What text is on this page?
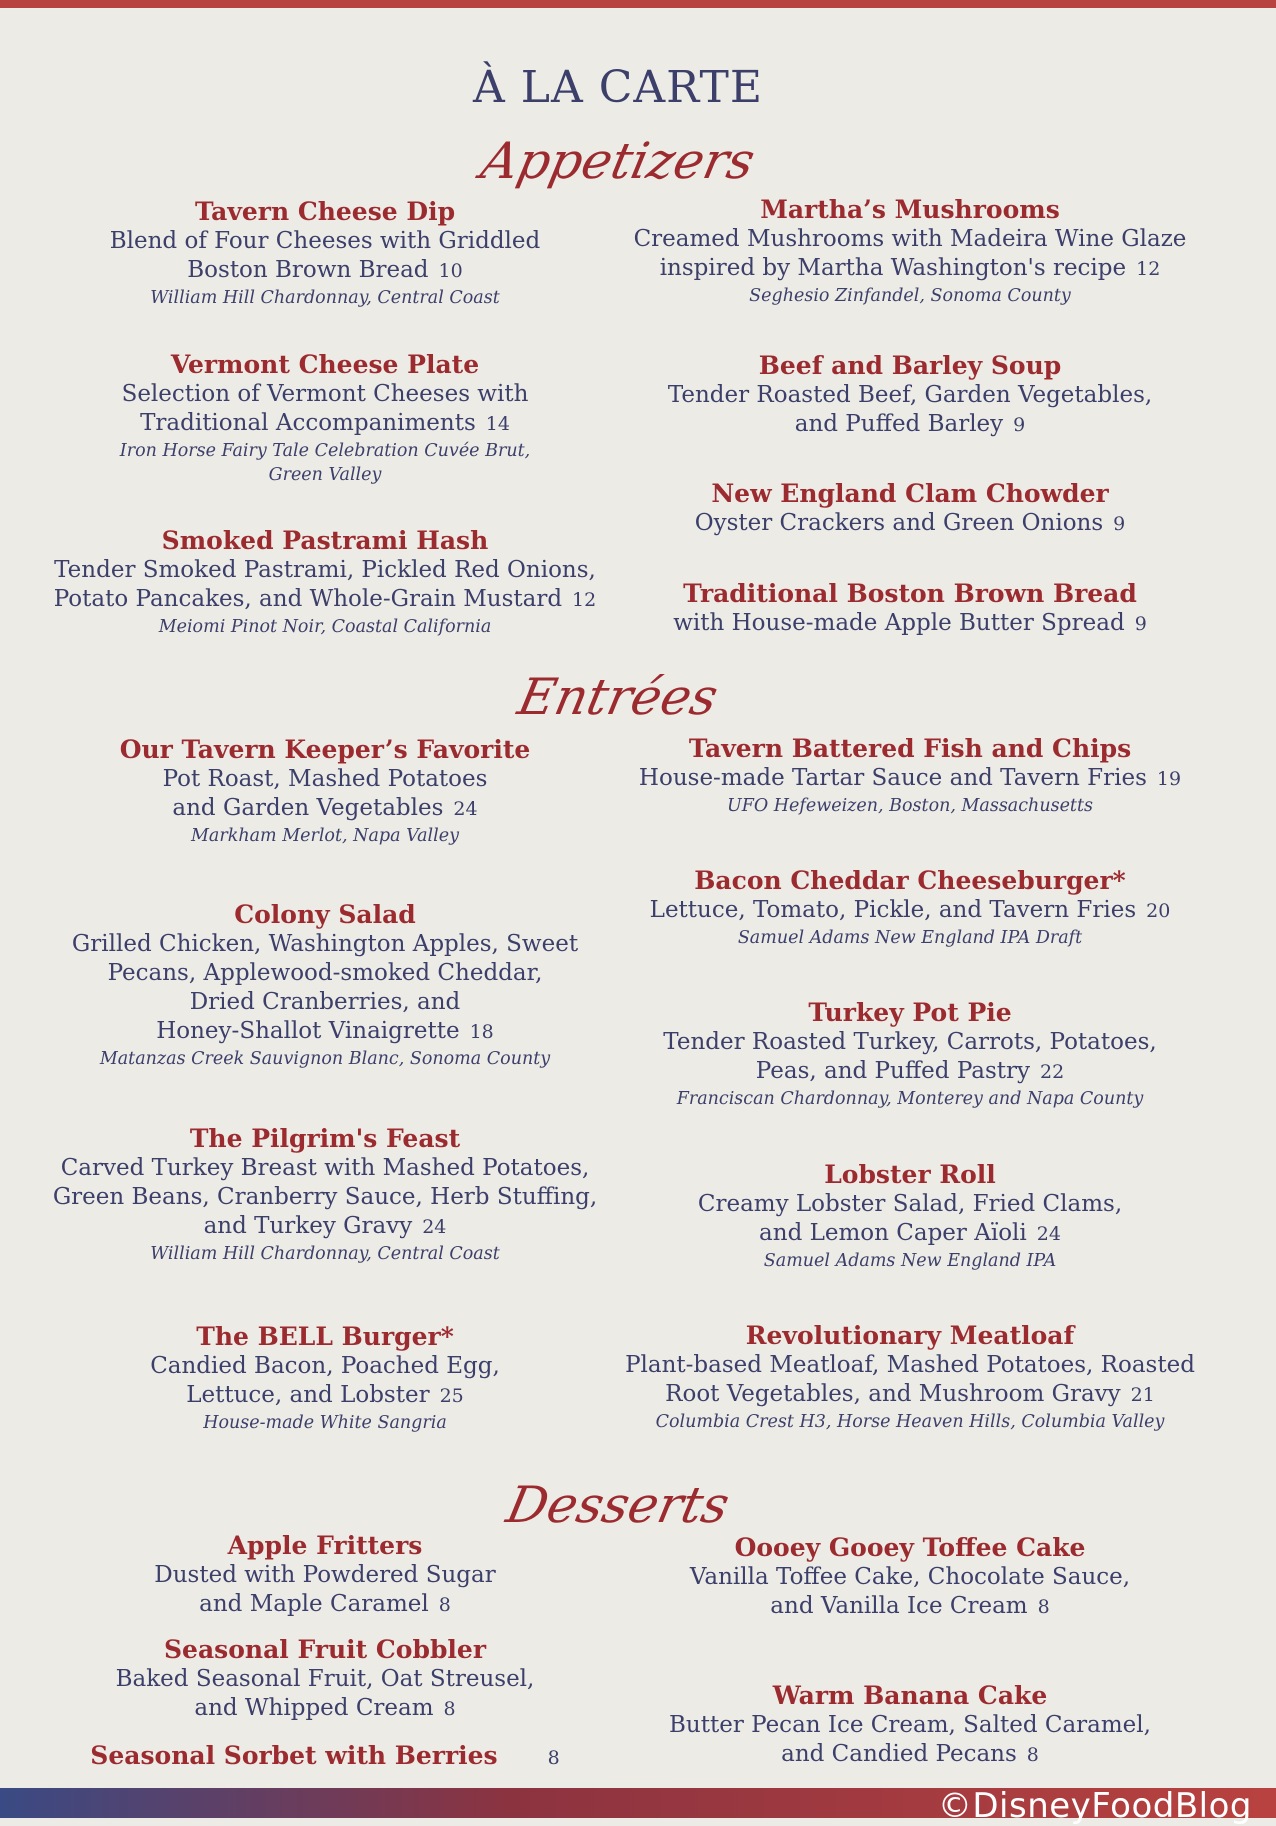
À LA CARTE
Appetizers
Tavern Cheese Dip
Blend of Four Cheeses with Griddled
Boston Brown Bread 10
William Hill Chardonnay, Central Coast
Vermont Cheese Plate
Selection of Vermont Cheeses with
Traditional Accompaniments 14
Iron Horse Fairy Tale Celebration Cuvée Brut,
Green Valley
Smoked Pastrami Hash
Tender Smoked Pastrami, Pickled Red Onions,
Potato Pancakes, and Whole-Grain Mustard 12
Meiomi Pinot Noir, Coastal California
Martha’s Mushrooms
Creamed Mushrooms with Madeira Wine Glaze
inspired by Martha Washington's recipe 12
Seghesio Zinfandel, Sonoma County
Beef and Barley Soup
Tender Roasted Beef, Garden Vegetables,
and Puffed Barley 9
New England Clam Chowder
Oyster Crackers and Green Onions 9
Traditional Boston Brown Bread
with House-made Apple Butter Spread 9
Entrées
Our Tavern Keeper’s Favorite
Pot Roast, Mashed Potatoes
and Garden Vegetables 24
Markham Merlot, Napa Valley
Colony Salad
Grilled Chicken, Washington Apples, Sweet
Pecans, Applewood-smoked Cheddar,
Dried Cranberries, and
Honey-Shallot Vinaigrette 18
Matanzas Creek Sauvignon Blanc, Sonoma County
The Pilgrim's Feast
Carved Turkey Breast with Mashed Potatoes,
Green Beans, Cranberry Sauce, Herb Stuffing,
and Turkey Gravy 24
William Hill Chardonnay, Central Coast
The BELL Burger*
Candied Bacon, Poached Egg,
Lettuce, and Lobster 25
House-made White Sangria
Tavern Battered Fish and Chips
House-made Tartar Sauce and Tavern Fries 19
UFO Hefeweizen, Boston, Massachusetts
Bacon Cheddar Cheeseburger*
Lettuce, Tomato, Pickle, and Tavern Fries 20
Samuel Adams New England IPA Draft
Turkey Pot Pie
Tender Roasted Turkey, Carrots, Potatoes,
Peas, and Puffed Pastry 22
Franciscan Chardonnay, Monterey and Napa County
Lobster Roll
Creamy Lobster Salad, Fried Clams,
and Lemon Caper Aïoli 24
Samuel Adams New England IPA
Revolutionary Meatloaf
Plant-based Meatloaf, Mashed Potatoes, Roasted
Root Vegetables, and Mushroom Gravy 21
Columbia Crest H3, Horse Heaven Hills, Columbia Valley
Desserts
Apple Fritters
Dusted with Powdered Sugar
and Maple Caramel 8
Seasonal Fruit Cobbler
Baked Seasonal Fruit, Oat Streusel,
and Whipped Cream 8
Seasonal Sorbet with Berries	8
Oooey Gooey Toffee Cake
Vanilla Toffee Cake, Chocolate Sauce,
and Vanilla Ice Cream 8
Warm Banana Cake
Butter Pecan Ice Cream, Salted Caramel,
and Candied Pecans 8
©DisneyFoodBlog
